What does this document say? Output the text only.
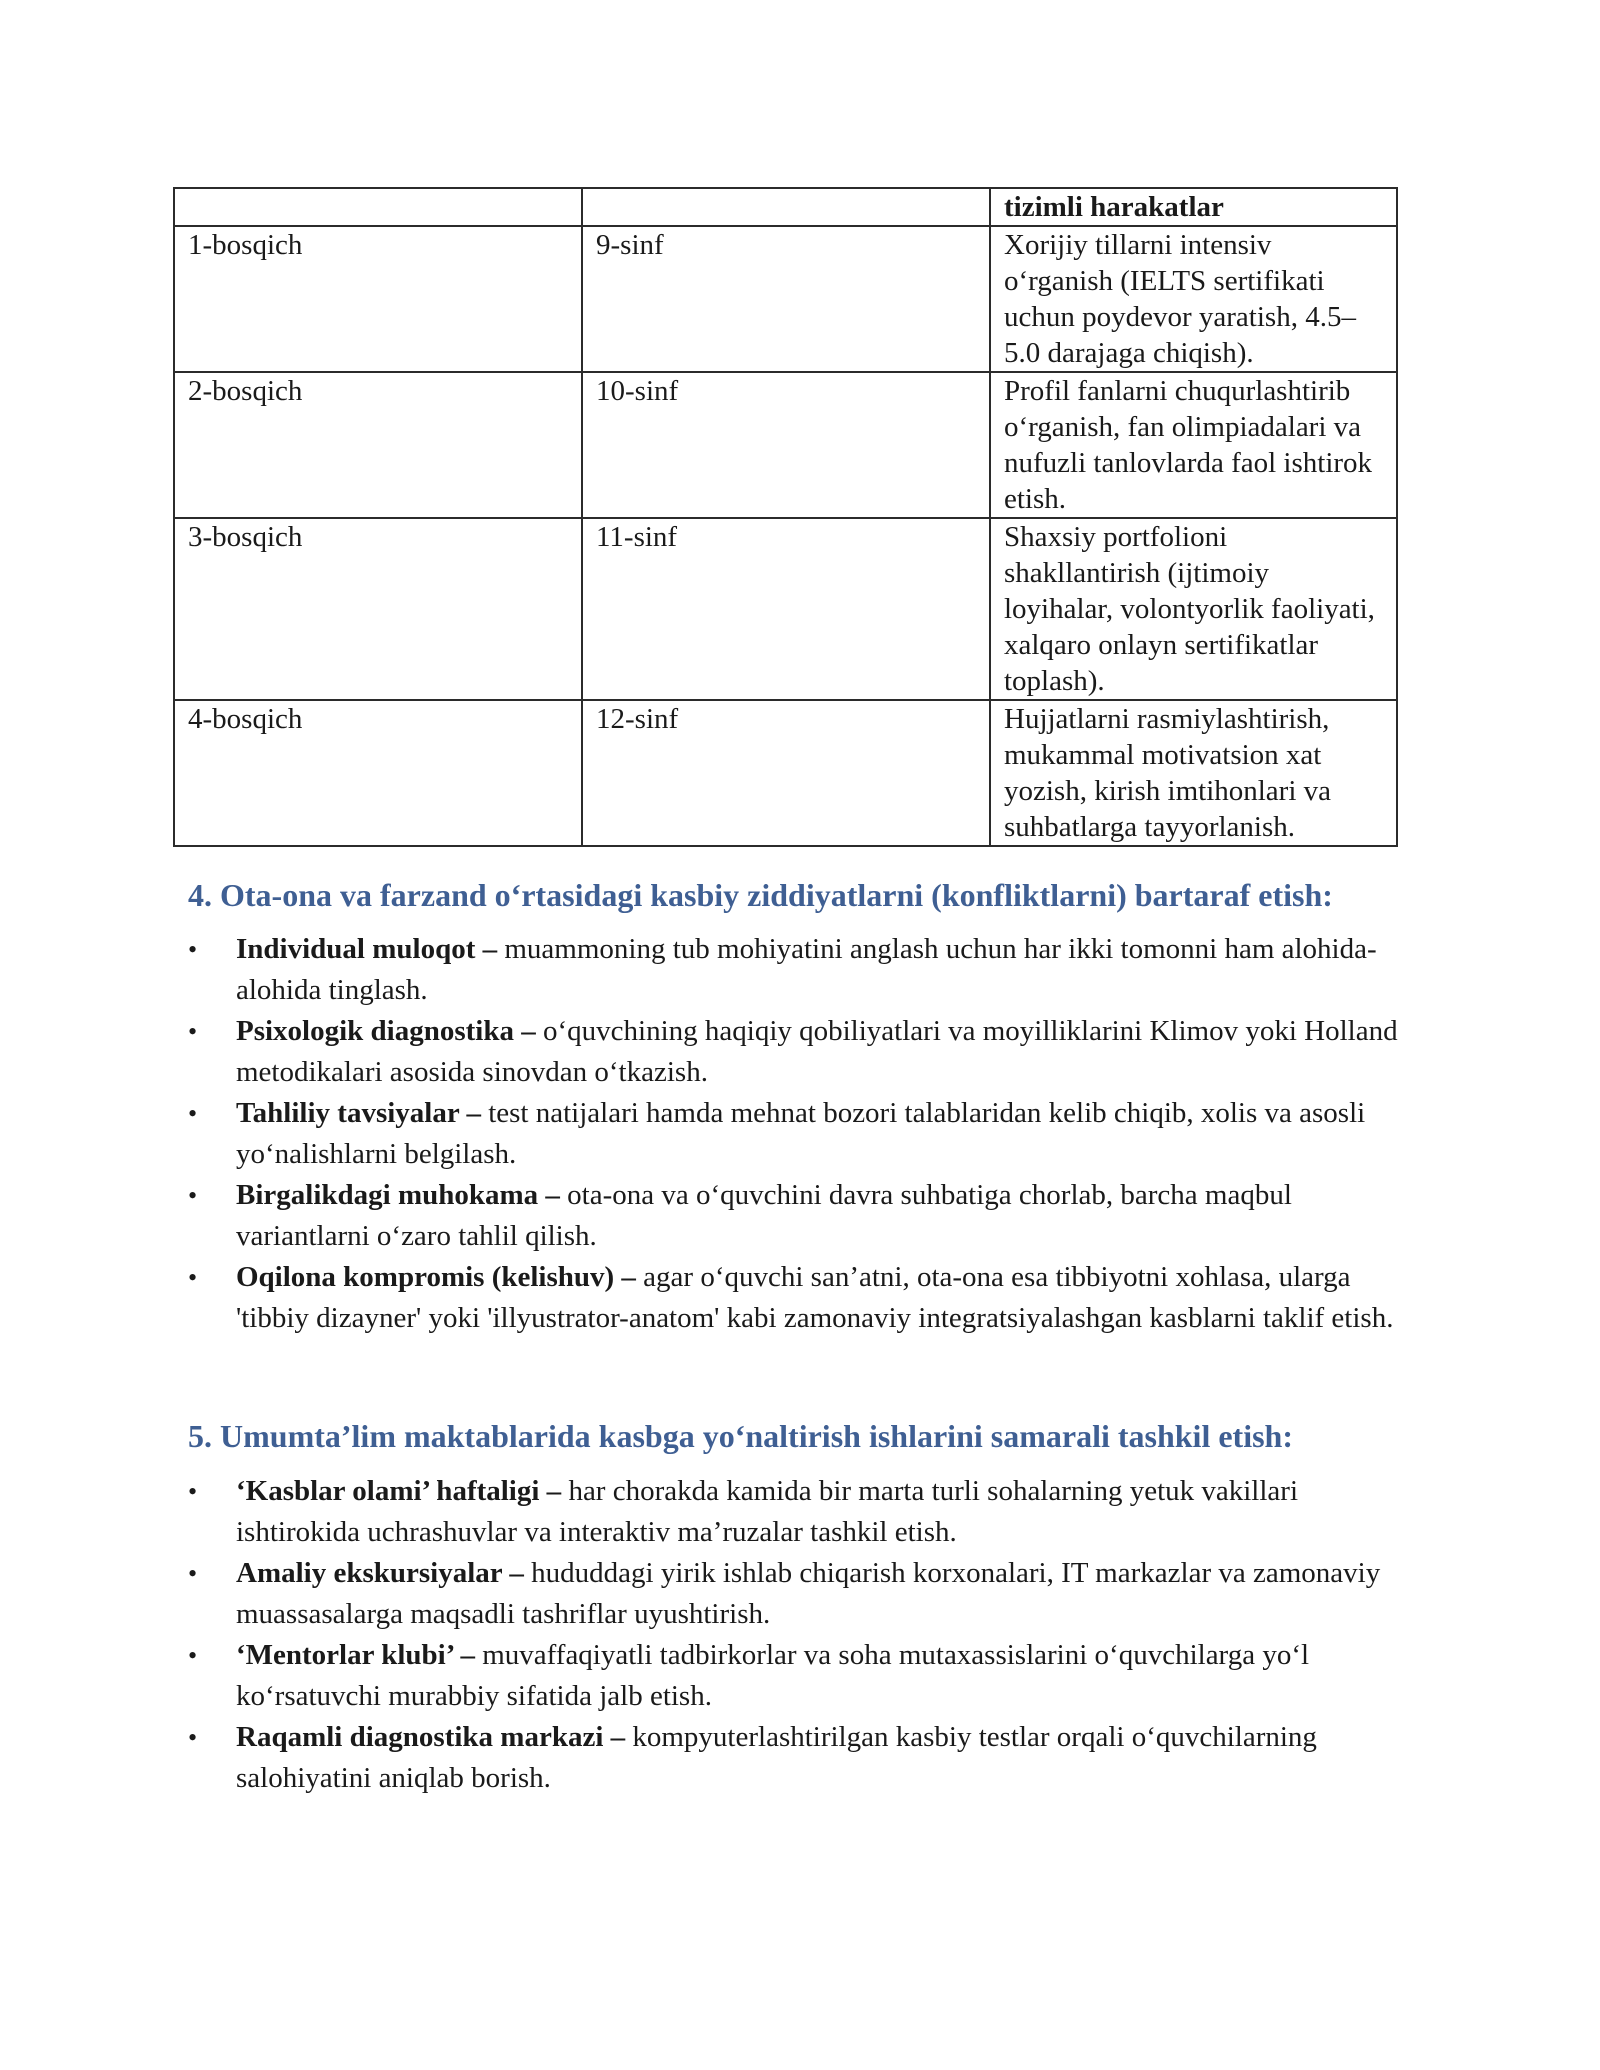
		tizimli harakatlar
1-bosqich	9-sinf	Xorijiy tillarni intensiv o‘rganish (IELTS sertifikati uchun poydevor yaratish, 4.5–5.0 darajaga chiqish).
2-bosqich	10-sinf	Profil fanlarni chuqurlashtirib o‘rganish, fan olimpiadalari va nufuzli tanlovlarda faol ishtirok etish.
3-bosqich	11-sinf	Shaxsiy portfolioni shakllantirish (ijtimoiy loyihalar, volontyorlik faoliyati, xalqaro onlayn sertifikatlar toplash).
4-bosqich	12-sinf	Hujjatlarni rasmiylashtirish, mukammal motivatsion xat yozish, kirish imtihonlari va suhbatlarga tayyorlanish.
4. Ota-ona va farzand o‘rtasidagi kasbiy ziddiyatlarni (konfliktlarni) bartaraf etish:
•	Individual muloqot – muammoning tub mohiyatini anglash uchun har ikki tomonni ham alohida-alohida tinglash.
•	Psixologik diagnostika – o‘quvchining haqiqiy qobiliyatlari va moyilliklarini Klimov yoki Holland metodikalari asosida sinovdan o‘tkazish.
•	Tahliliy tavsiyalar – test natijalari hamda mehnat bozori talablaridan kelib chiqib, xolis va asosli yo‘nalishlarni belgilash.
•	Birgalikdagi muhokama – ota-ona va o‘quvchini davra suhbatiga chorlab, barcha maqbul variantlarni o‘zaro tahlil qilish.
•	Oqilona kompromis (kelishuv) – agar o‘quvchi san’atni, ota-ona esa tibbiyotni xohlasa, ularga 'tibbiy dizayner' yoki 'illyustrator-anatom' kabi zamonaviy integratsiyalashgan kasblarni taklif etish.
5. Umumta’lim maktablarida kasbga yo‘naltirish ishlarini samarali tashkil etish:
•	‘Kasblar olami’ haftaligi – har chorakda kamida bir marta turli sohalarning yetuk vakillari ishtirokida uchrashuvlar va interaktiv ma’ruzalar tashkil etish.
•	Amaliy ekskursiyalar – hududdagi yirik ishlab chiqarish korxonalari, IT markazlar va zamonaviy muassasalarga maqsadli tashriflar uyushtirish.
•	‘Mentorlar klubi’ – muvaffaqiyatli tadbirkorlar va soha mutaxassislarini o‘quvchilarga yo‘l ko‘rsatuvchi murabbiy sifatida jalb etish.
•	Raqamli diagnostika markazi – kompyuterlashtirilgan kasbiy testlar orqali o‘quvchilarning salohiyatini aniqlab borish.
